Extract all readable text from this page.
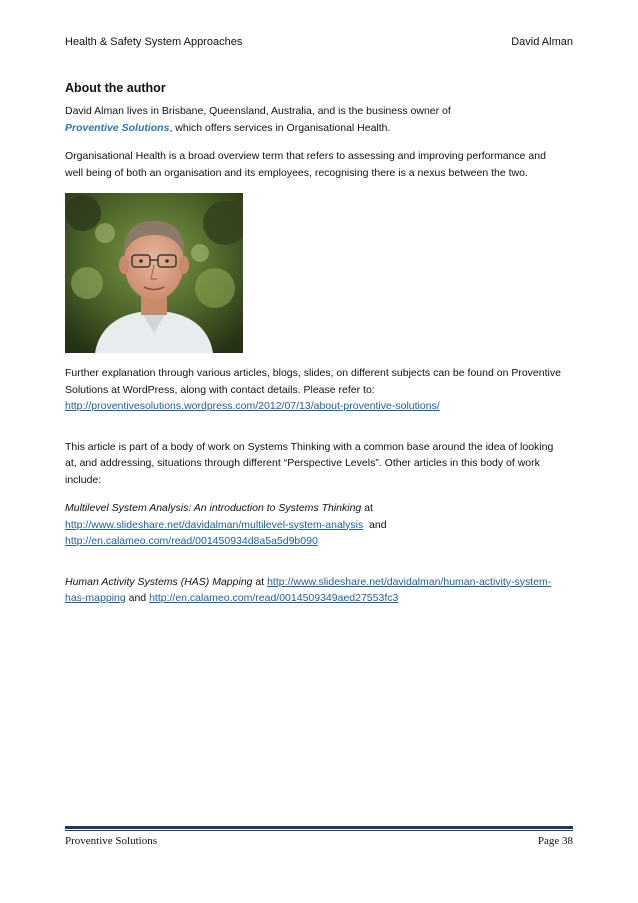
Health & Safety System Approaches	David Alman
About the author

David Alman lives in Brisbane, Queensland, Australia, and is the business owner of
Proventive Solutions, which offers services in Organisational Health.

Organisational Health is a broad overview term that refers to assessing and improving performance and well being of both an organisation and its employees, recognising there is a nexus between the two.

Further explanation through various articles, blogs, slides, on different subjects can be found on Proventive Solutions at WordPress, along with contact details. Please refer to:
http://proventivesolutions.wordpress.com/2012/07/13/about-proventive-solutions/

This article is part of a body of work on Systems Thinking with a common base around the idea of looking at, and addressing, situations through different “Perspective Levels”. Other articles in this body of work include:

Multilevel System Analysis: An introduction to Systems Thinking at
http://www.slideshare.net/davidalman/multilevel-system-analysis  and
http://en.calameo.com/read/001450934d8a5a5d9b090

Human Activity Systems (HAS) Mapping at http://www.slideshare.net/davidalman/human-activity-system-has-mapping and http://en.calameo.com/read/0014509349aed27553fc3

Proventive Solutions	Page 38
